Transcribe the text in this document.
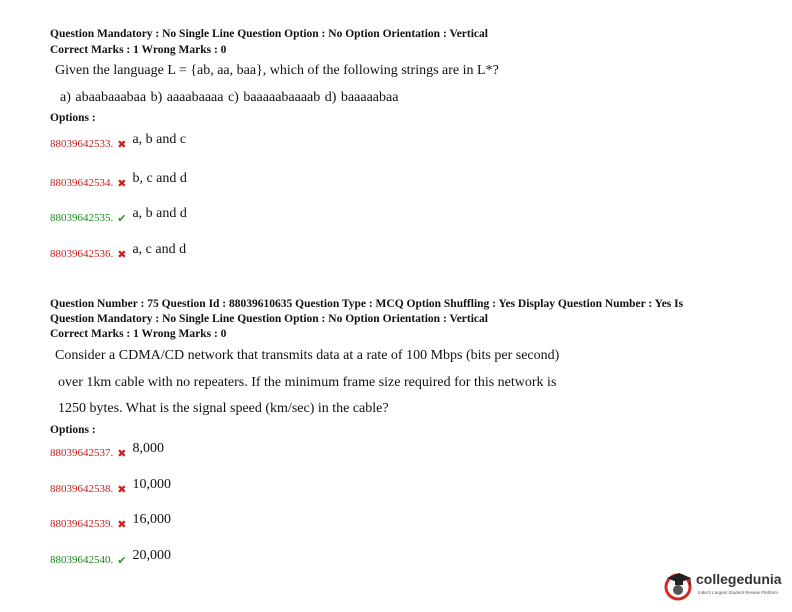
Question Mandatory : No Single Line Question Option : No Option Orientation : Vertical
Correct Marks : 1 Wrong Marks : 0
Given the language L = {ab, aa, baa}, which of the following strings are in L*?
a) abaabaaabaa b) aaaabaaaa c) baaaaabaaaab d) baaaaabaa
Options :
88039642533. ✖ a, b and c
88039642534. ✖ b, c and d
88039642535. ✔ a, b and d
88039642536. ✖ a, c and d
Question Number : 75 Question Id : 88039610635 Question Type : MCQ Option Shuffling : Yes Display Question Number : Yes Is
Question Mandatory : No Single Line Question Option : No Option Orientation : Vertical
Correct Marks : 1 Wrong Marks : 0
Consider a CDMA/CD network that transmits data at a rate of 100 Mbps (bits per second)
over 1km cable with no repeaters. If the minimum frame size required for this network is
1250 bytes. What is the signal speed (km/sec) in the cable?
Options :
88039642537. ✖ 8,000
88039642538. ✖ 10,000
88039642539. ✖ 16,000
88039642540. ✔ 20,000
collegedunia
India's Largest Student Review Platform
